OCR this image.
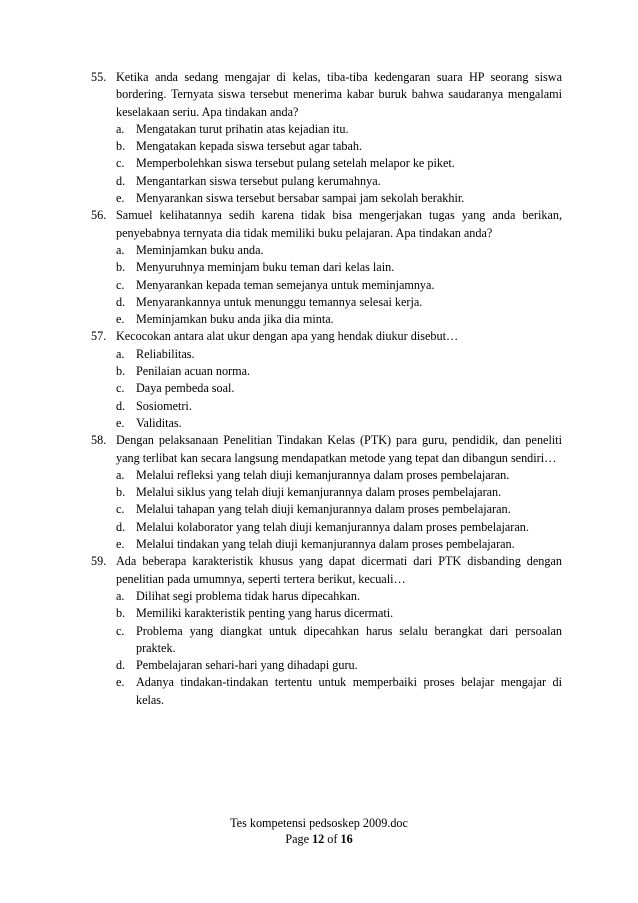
55. Ketika anda sedang mengajar di kelas, tiba-tiba kedengaran suara HP seorang siswa bordering. Ternyata siswa tersebut menerima kabar buruk bahwa saudaranya mengalami keselakaan seriu. Apa tindakan anda?
a. Mengatakan turut prihatin atas kejadian itu.
b. Mengatakan kepada siswa tersebut agar tabah.
c. Memperbolehkan siswa tersebut pulang setelah melapor ke piket.
d. Mengantarkan siswa tersebut pulang kerumahnya.
e. Menyarankan siswa tersebut bersabar sampai jam sekolah berakhir.
56. Samuel kelihatannya sedih karena tidak bisa mengerjakan tugas yang anda berikan, penyebabnya ternyata dia tidak memiliki buku pelajaran. Apa tindakan anda?
a. Meminjamkan buku anda.
b. Menyuruhnya meminjam buku teman dari kelas lain.
c. Menyarankan kepada teman semejanya untuk meminjamnya.
d. Menyarankannya untuk menunggu temannya selesai kerja.
e. Meminjamkan buku anda jika dia minta.
57. Kecocokan antara alat ukur dengan apa yang hendak diukur disebut…
a. Reliabilitas.
b. Penilaian acuan norma.
c. Daya pembeda soal.
d. Sosiometri.
e. Validitas.
58. Dengan pelaksanaan Penelitian Tindakan Kelas (PTK) para guru, pendidik, dan peneliti yang terlibat kan secara langsung mendapatkan metode yang tepat dan dibangun sendiri…
a. Melalui refleksi yang telah diuji kemanjurannya dalam proses pembelajaran.
b. Melalui siklus yang telah diuji kemanjurannya dalam proses pembelajaran.
c. Melalui tahapan yang telah diuji kemanjurannya dalam proses pembelajaran.
d. Melalui kolaborator yang telah diuji kemanjurannya dalam proses pembelajaran.
e. Melalui tindakan yang telah diuji kemanjurannya dalam proses pembelajaran.
59. Ada beberapa karakteristik khusus yang dapat dicermati dari PTK disbanding dengan penelitian pada umumnya, seperti tertera berikut, kecuali…
a. Dilihat segi problema tidak harus dipecahkan.
b. Memiliki karakteristik penting yang harus dicermati.
c. Problema yang diangkat untuk dipecahkan harus selalu berangkat dari persoalan praktek.
d. Pembelajaran sehari-hari yang dihadapi guru.
e. Adanya tindakan-tindakan tertentu untuk memperbaiki proses belajar mengajar di kelas.
Tes kompetensi pedsoskep 2009.doc
Page 12 of 16
